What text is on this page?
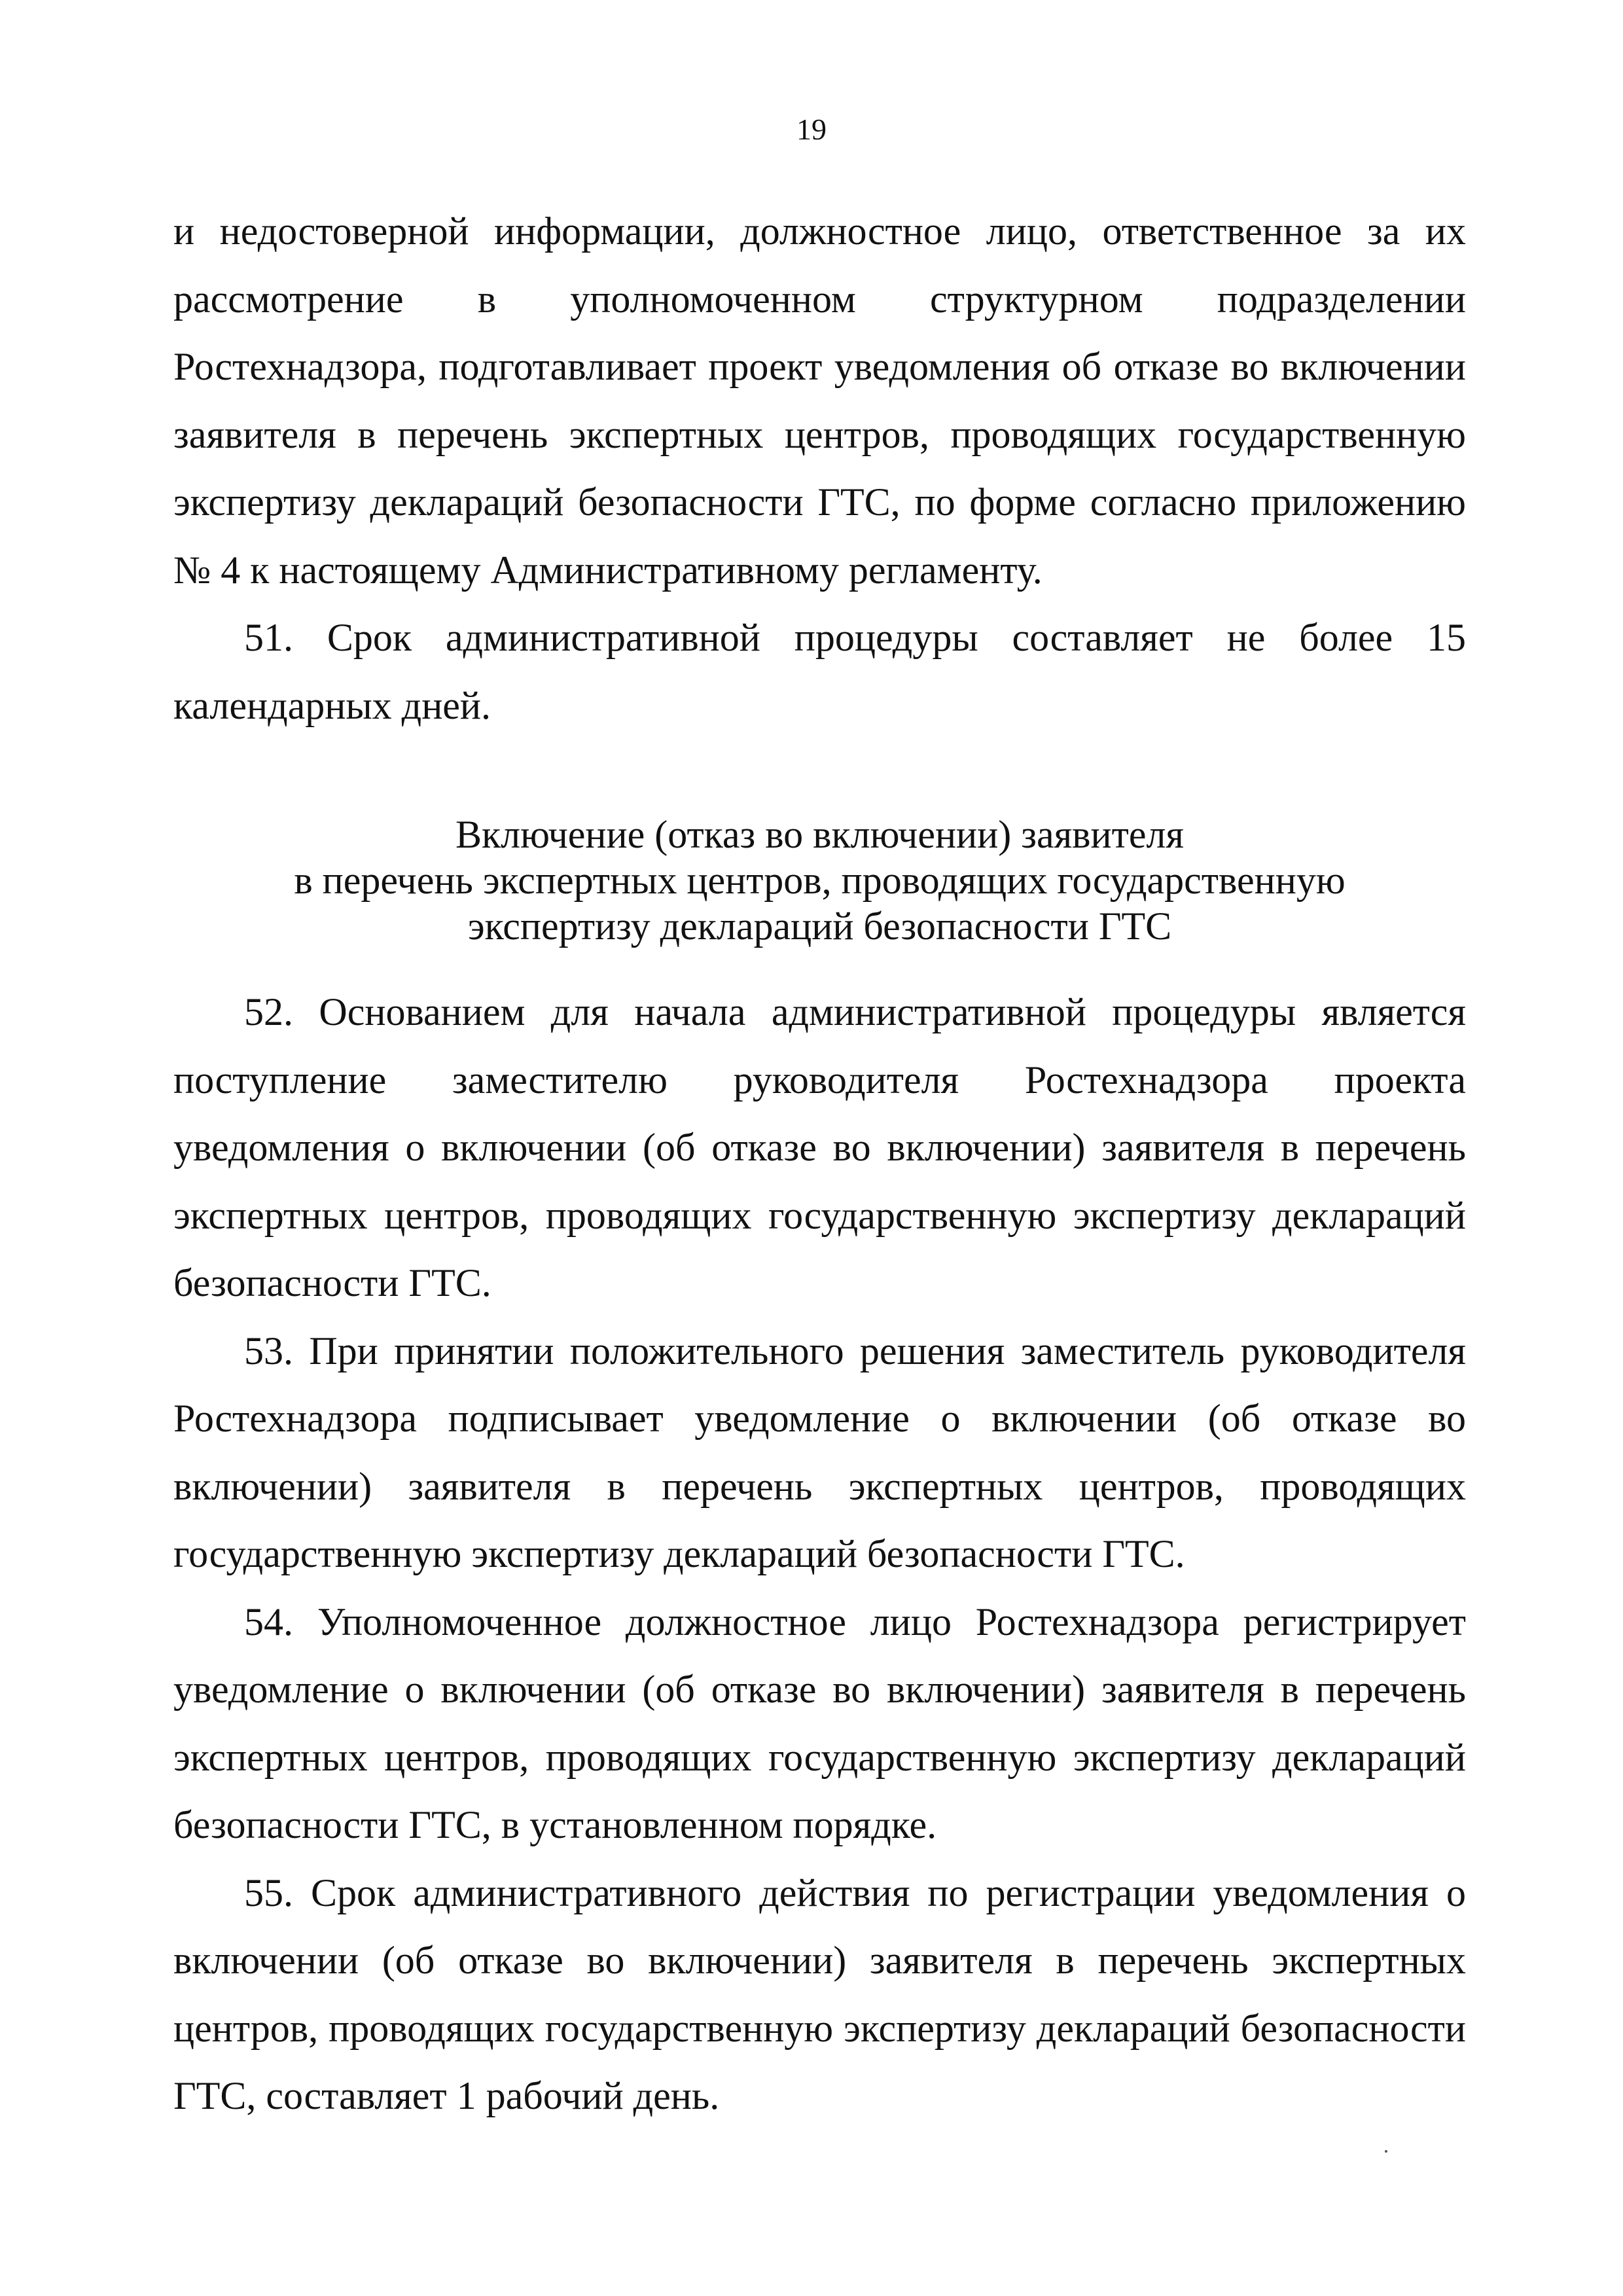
19

и недостоверной информации, должностное лицо, ответственное за их рассмотрение в уполномоченном структурном подразделении Ростехнадзора, подготавливает проект уведомления об отказе во включении заявителя в перечень экспертных центров, проводящих государственную экспертизу деклараций безопасности ГТС, по форме согласно приложению № 4 к настоящему Административному регламенту.

51. Срок административной процедуры составляет не более 15 календарных дней.

Включение (отказ во включении) заявителя
в перечень экспертных центров, проводящих государственную
экспертизу деклараций безопасности ГТС

52. Основанием для начала административной процедуры является поступление заместителю руководителя Ростехнадзора проекта уведомления о включении (об отказе во включении) заявителя в перечень экспертных центров, проводящих государственную экспертизу деклараций безопасности ГТС.

53. При принятии положительного решения заместитель руководителя Ростехнадзора подписывает уведомление о включении (об отказе во включении) заявителя в перечень экспертных центров, проводящих государственную экспертизу деклараций безопасности ГТС.

54. Уполномоченное должностное лицо Ростехнадзора регистрирует уведомление о включении (об отказе во включении) заявителя в перечень экспертных центров, проводящих государственную экспертизу деклараций безопасности ГТС, в установленном порядке.

55. Срок административного действия по регистрации уведомления о включении (об отказе во включении) заявителя в перечень экспертных центров, проводящих государственную экспертизу деклараций безопасности ГТС, составляет 1 рабочий день.
